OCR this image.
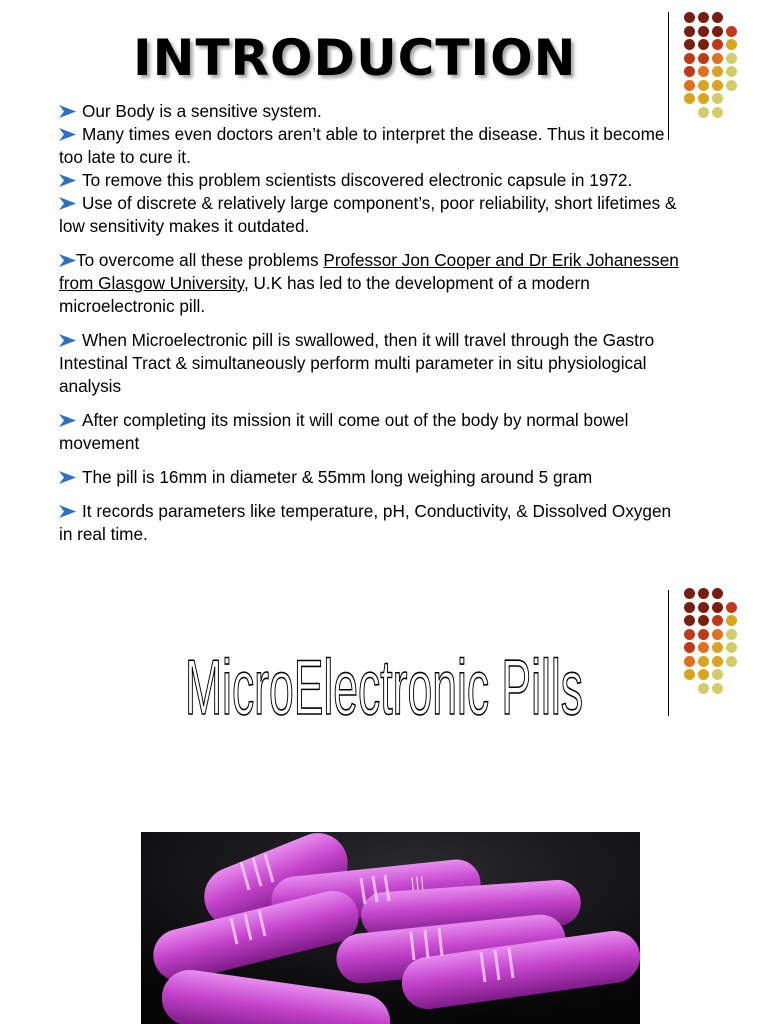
INTRODUCTION

Our Body is a sensitive system.

Many times even doctors aren’t able to interpret the disease. Thus it become too late to cure it.

To remove this problem scientists discovered electronic capsule in 1972.

Use of discrete & relatively large component’s, poor reliability, short lifetimes & low sensitivity makes it outdated.

To overcome all these problems Professor Jon Cooper and Dr Erik Johanessen from Glasgow University, U.K has led to the development of a modern microelectronic pill.

When Microelectronic pill is swallowed, then it will travel through the Gastro Intestinal Tract & simultaneously perform multi parameter in situ physiological analysis

After completing its mission it will come out of the body by normal bowel movement

The pill is 16mm in diameter & 55mm long weighing around 5 gram

It records parameters like temperature, pH, Conductivity, & Dissolved Oxygen in real time.

MicroElectronic Pills
|||
